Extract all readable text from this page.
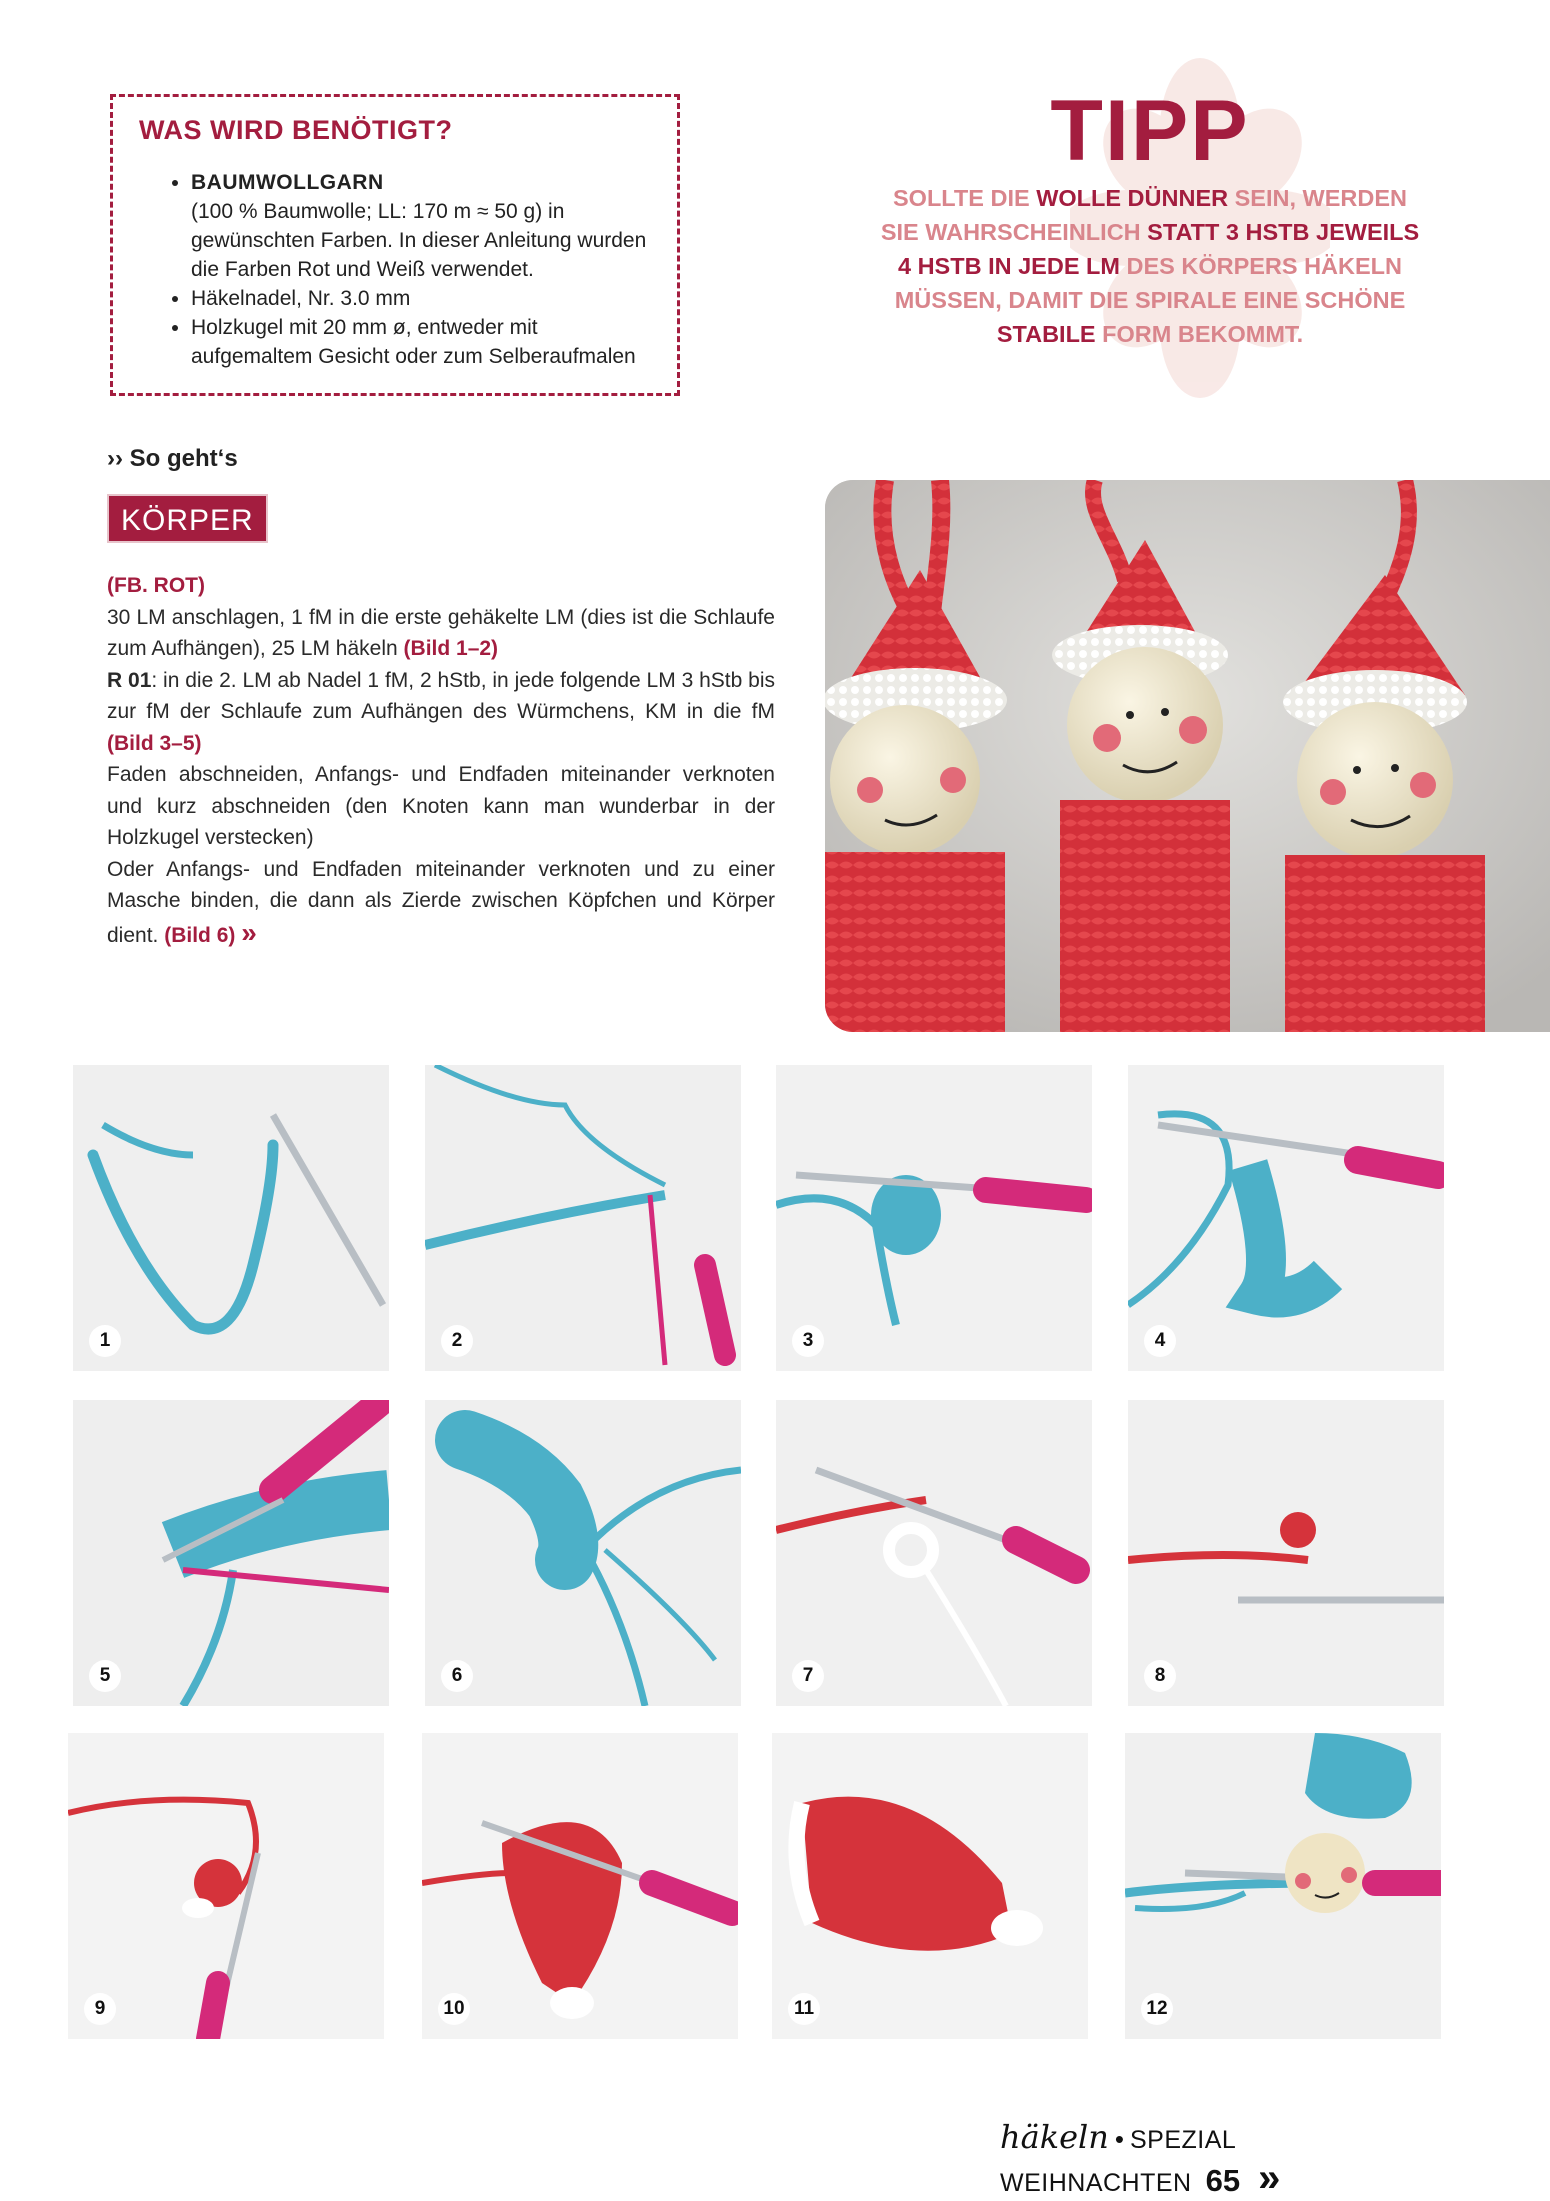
WAS WIRD BENÖTIGT?
• BAUMWOLLGARN
(100 % Baumwolle; LL: 170 m ≈ 50 g) in gewünschten Farben. In dieser Anleitung wurden die Farben Rot und Weiß verwendet.
• Häkelnadel, Nr. 3.0 mm
• Holzkugel mit 20 mm ø, entweder mit aufgemaltem Gesicht oder zum Selberaufmalen
TIPP
SOLLTE DIE WOLLE DÜNNER SEIN, WERDEN SIE WAHRSCHEINLICH STATT 3 HSTB JEWEILS 4 HSTB IN JEDE LM DES KÖRPERS HÄKELN MÜSSEN, DAMIT DIE SPIRALE EINE SCHÖNE STABILE FORM BEKOMMT.
›› So geht‘s
KÖRPER

(FB. ROT)

30 LM anschlagen, 1 fM in die erste gehäkelte LM (dies ist die Schlaufe zum Aufhängen), 25 LM häkeln (Bild 1–2)

R 01: in die 2. LM ab Nadel 1 fM, 2 hStb, in jede folgende LM 3 hStb bis zur fM der Schlaufe zum Aufhängen des Würmchens, KM in die fM (Bild 3–5)

Faden abschneiden, Anfangs- und Endfaden miteinander verknoten und kurz abschneiden (den Knoten kann man wunderbar in der Holzkugel verstecken)

Oder Anfangs- und Endfaden miteinander verknoten und zu einer Masche binden, die dann als Zierde zwischen Köpfchen und Körper dient. (Bild 6) »

1	2	3	4
5	6	7	8
9	10	11	12
häkeln • SPEZIAL WEIHNACHTEN 65 »
